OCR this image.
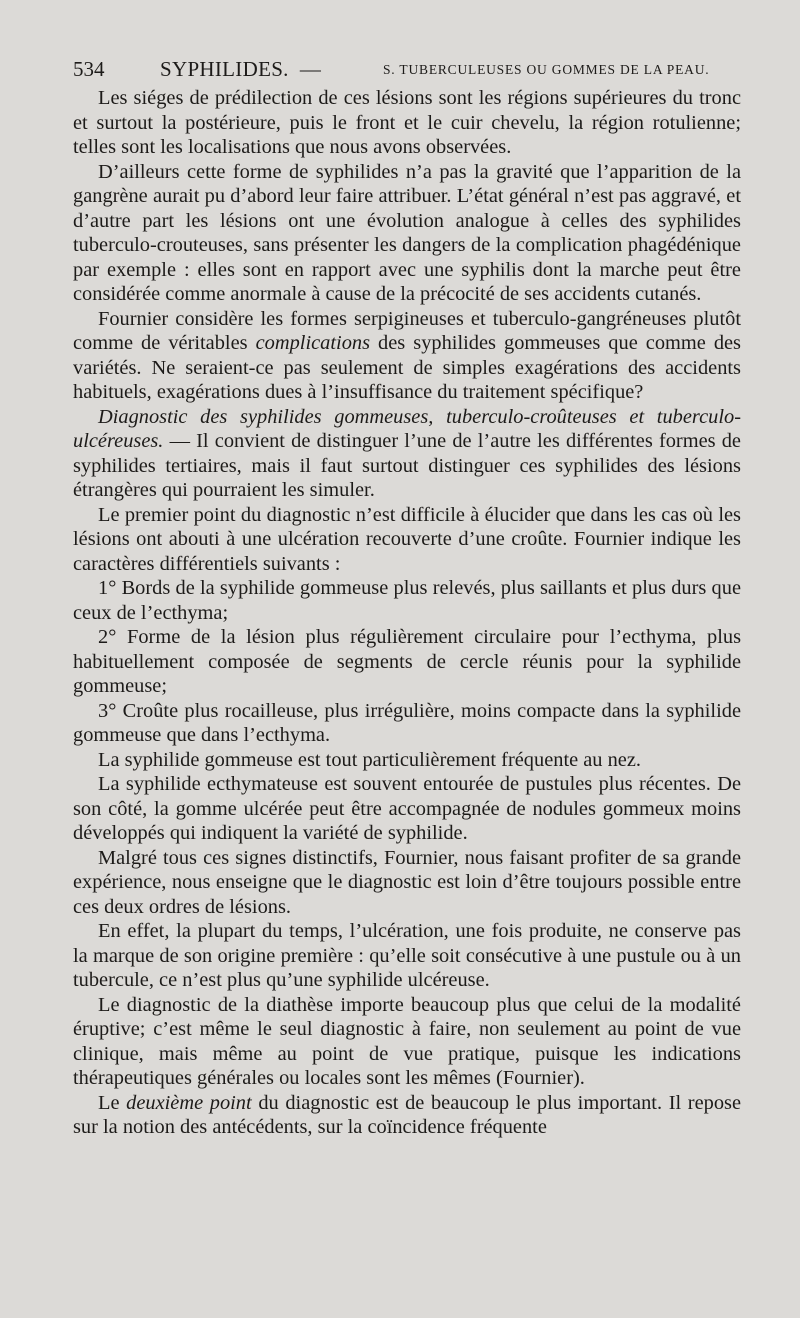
534	SYPHILIDES. —	S. TUBERCULEUSES OU GOMMES DE LA PEAU.

Les siéges de prédilection de ces lésions sont les régions supérieures du tronc et surtout la postérieure, puis le front et le cuir chevelu, la région rotulienne; telles sont les localisations que nous avons observées.

D’ailleurs cette forme de syphilides n’a pas la gravité que l’apparition de la gangrène aurait pu d’abord leur faire attribuer. L’état général n’est pas aggravé, et d’autre part les lésions ont une évolution analogue à celles des syphilides tuberculo-crouteuses, sans présenter les dangers de la complication phagédénique par exemple : elles sont en rapport avec une syphilis dont la marche peut être considérée comme anormale à cause de la précocité de ses accidents cutanés.

Fournier considère les formes serpigineuses et tuberculo-gangréneuses plutôt comme de véritables complications des syphilides gommeuses que comme des variétés. Ne seraient-ce pas seulement de simples exagérations des accidents habituels, exagérations dues à l’insuffisance du traitement spécifique?

Diagnostic des syphilides gommeuses, tuberculo-croûteuses et tuberculo-ulcéreuses. — Il convient de distinguer l’une de l’autre les différentes formes de syphilides tertiaires, mais il faut surtout distinguer ces syphilides des lésions étrangères qui pourraient les simuler.

Le premier point du diagnostic n’est difficile à élucider que dans les cas où les lésions ont abouti à une ulcération recouverte d’une croûte. Fournier indique les caractères différentiels suivants :

1° Bords de la syphilide gommeuse plus relevés, plus saillants et plus durs que ceux de l’ecthyma;

2° Forme de la lésion plus régulièrement circulaire pour l’ecthyma, plus habituellement composée de segments de cercle réunis pour la syphilide gommeuse;

3° Croûte plus rocailleuse, plus irrégulière, moins compacte dans la syphilide gommeuse que dans l’ecthyma.

La syphilide gommeuse est tout particulièrement fréquente au nez.

La syphilide ecthymateuse est souvent entourée de pustules plus récentes. De son côté, la gomme ulcérée peut être accompagnée de nodules gommeux moins développés qui indiquent la variété de syphilide.

Malgré tous ces signes distinctifs, Fournier, nous faisant profiter de sa grande expérience, nous enseigne que le diagnostic est loin d’être toujours possible entre ces deux ordres de lésions.

En effet, la plupart du temps, l’ulcération, une fois produite, ne conserve pas la marque de son origine première : qu’elle soit consécutive à une pustule ou à un tubercule, ce n’est plus qu’une syphilide ulcéreuse.

Le diagnostic de la diathèse importe beaucoup plus que celui de la modalité éruptive; c’est même le seul diagnostic à faire, non seulement au point de vue clinique, mais même au point de vue pratique, puisque les indications thérapeutiques générales ou locales sont les mêmes (Fournier).

Le deuxième point du diagnostic est de beaucoup le plus important. Il repose sur la notion des antécédents, sur la coïncidence fréquente
